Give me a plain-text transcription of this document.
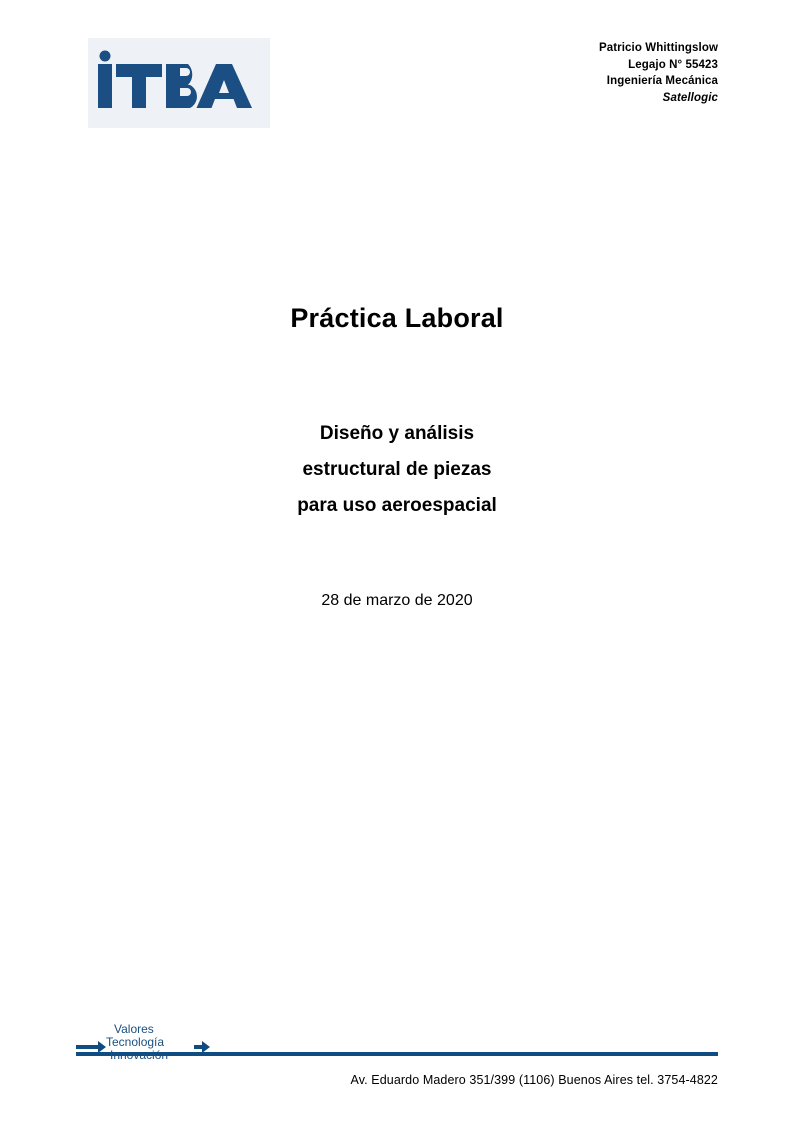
Patricio Whittingslow
Legajo N° 55423
Ingeniería Mecánica
Satellogic
Práctica Laboral
Diseño y análisis
estructural de piezas
para uso aeroespacial
28 de marzo de 2020
Valores
Tecnología
Innovación
Av. Eduardo Madero 351/399 (1106) Buenos Aires tel. 3754-4822
